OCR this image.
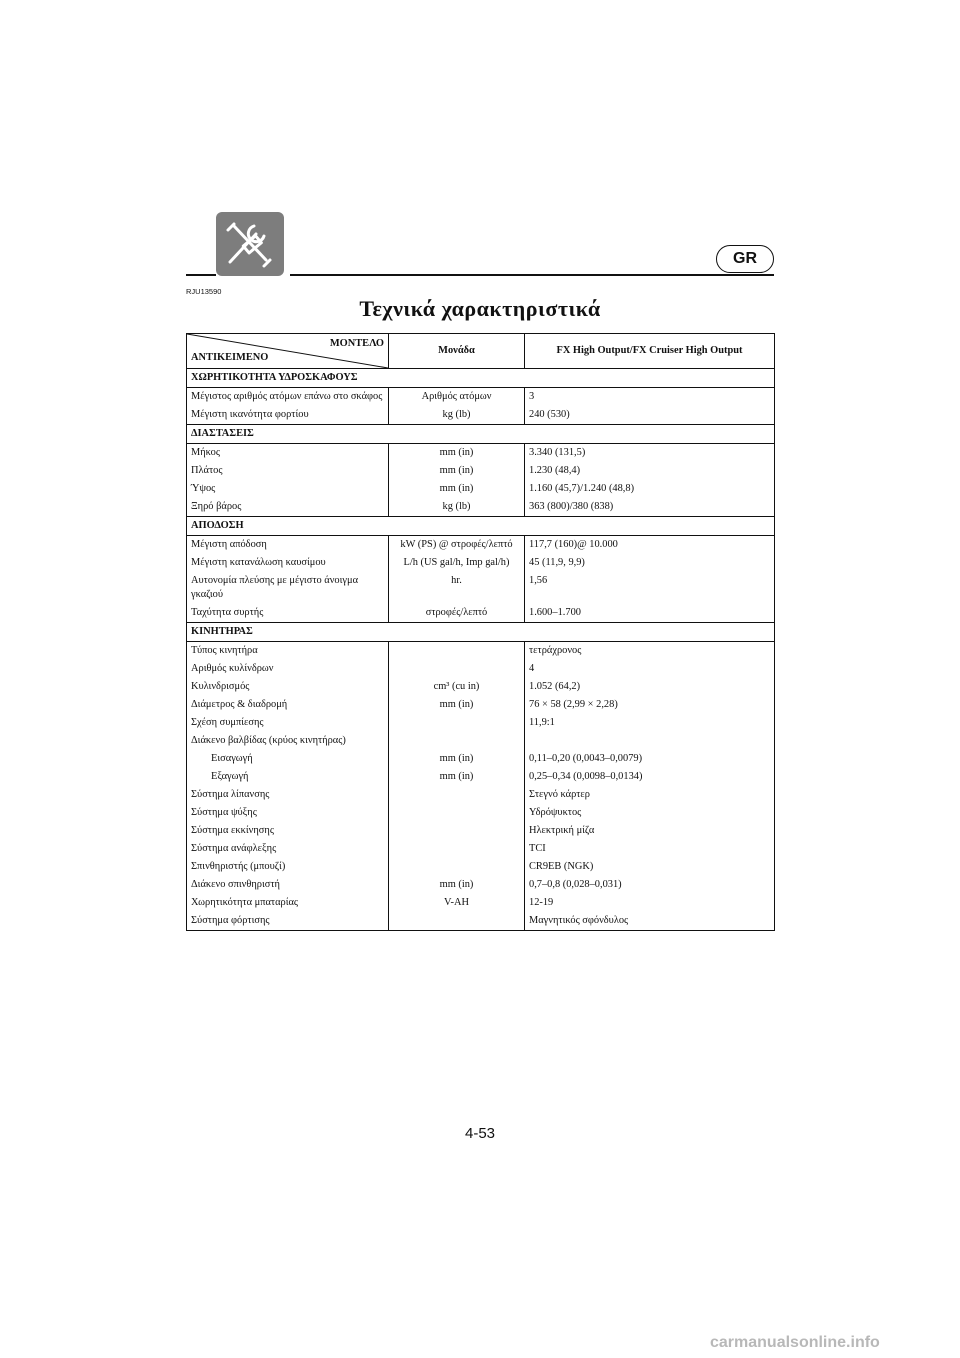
GR
RJU13590
Τεχνικά χαρακτηριστικά
ΜΟΝΤΕΛΟ
ΑΝΤΙΚΕΙΜΕΝΟ	Μονάδα	FX High Output/FX Cruiser High Output
ΧΩΡΗΤΙΚΟΤΗΤΑ ΥΔΡΟΣΚΑΦΟΥΣ		
Μέγιστος αριθμός ατόμων επάνω στο σκάφος	Αριθμός ατόμων	3
Μέγιστη ικανότητα φορτίου	kg (lb)	240 (530)
ΔΙΑΣΤΑΣΕΙΣ		
Μήκος	mm (in)	3.340 (131,5)
Πλάτος	mm (in)	1.230 (48,4)
Ύψος	mm (in)	1.160 (45,7)/1.240 (48,8)
Ξηρό βάρος	kg (lb)	363 (800)/380 (838)
ΑΠΟΔΟΣΗ		
Μέγιστη απόδοση	kW (PS) @ στροφές/λεπτό	117,7 (160)@ 10.000
Μέγιστη κατανάλωση καυσίμου	L/h (US gal/h, Imp gal/h)	45 (11,9, 9,9)
Αυτονομία πλεύσης με μέγιστο άνοιγμα γκαζιού	hr.	1,56
Ταχύτητα συρτής	στροφές/λεπτό	1.600–1.700
ΚΙΝΗΤΗΡΑΣ		
Τύπος κινητήρα		τετράχρονος
Αριθμός κυλίνδρων		4
Κυλινδρισμός	cm³ (cu in)	1.052 (64,2)
Διάμετρος & διαδρομή	mm (in)	76 × 58 (2,99 × 2,28)
Σχέση συμπίεσης		11,9:1
Διάκενο βαλβίδας (κρύος κινητήρας)		
Εισαγωγή	mm (in)	0,11–0,20 (0,0043–0,0079)
Εξαγωγή	mm (in)	0,25–0,34 (0,0098–0,0134)
Σύστημα λίπανσης		Στεγνό κάρτερ
Σύστημα ψύξης		Υδρόψυκτος
Σύστημα εκκίνησης		Ηλεκτρική μίζα
Σύστημα ανάφλεξης		TCI
Σπινθηριστής (μπουζί)		CR9EB (NGK)
Διάκενο σπινθηριστή	mm (in)	0,7–0,8 (0,028–0,031)
Χωρητικότητα μπαταρίας	V-AH	12-19
Σύστημα φόρτισης		Μαγνητικός σφόνδυλος
4-53
carmanualsonline.info
